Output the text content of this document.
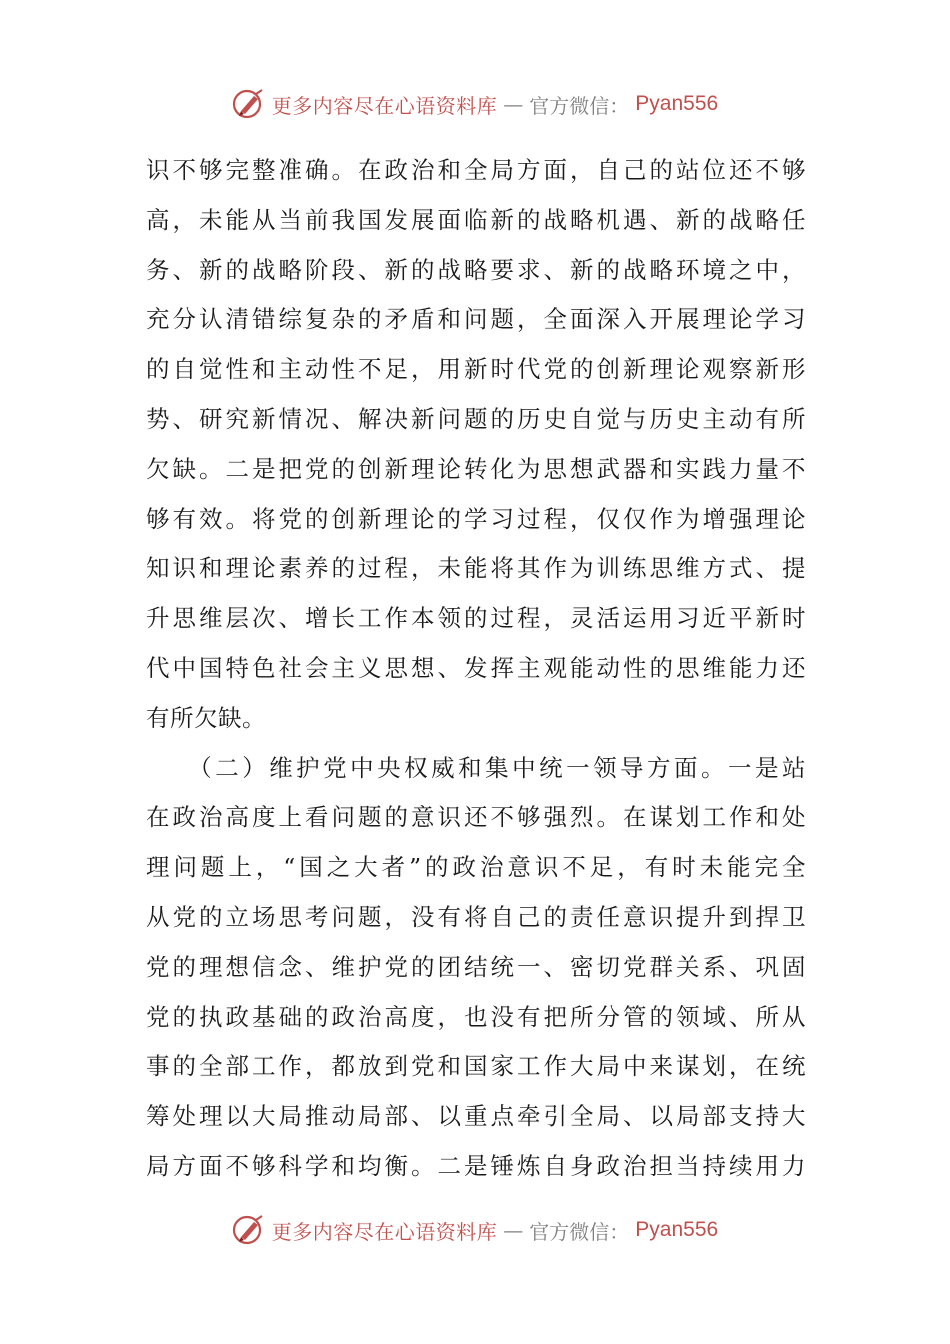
更多内容尽在心语资料库 — 官方微信： Pyan556
识不够完整准确。在政治和全局方面，自己的站位还不够
高，未能从当前我国发展面临新的战略机遇、新的战略任
务、新的战略阶段、新的战略要求、新的战略环境之中，
充分认清错综复杂的矛盾和问题，全面深入开展理论学习
的自觉性和主动性不足，用新时代党的创新理论观察新形
势、研究新情况、解决新问题的历史自觉与历史主动有所
欠缺。二是把党的创新理论转化为思想武器和实践力量不
够有效。将党的创新理论的学习过程，仅仅作为增强理论
知识和理论素养的过程，未能将其作为训练思维方式、提
升思维层次、增长工作本领的过程，灵活运用习近平新时
代中国特色社会主义思想、发挥主观能动性的思维能力还
有所欠缺。
　　（二）维护党中央权威和集中统一领导方面。一是站
在政治高度上看问题的意识还不够强烈。在谋划工作和处
理问题上，“国之大者”的政治意识不足，有时未能完全
从党的立场思考问题，没有将自己的责任意识提升到捍卫
党的理想信念、维护党的团结统一、密切党群关系、巩固
党的执政基础的政治高度，也没有把所分管的领域、所从
事的全部工作，都放到党和国家工作大局中来谋划，在统
筹处理以大局推动局部、以重点牵引全局、以局部支持大
局方面不够科学和均衡。二是锤炼自身政治担当持续用力
更多内容尽在心语资料库 — 官方微信： Pyan556
